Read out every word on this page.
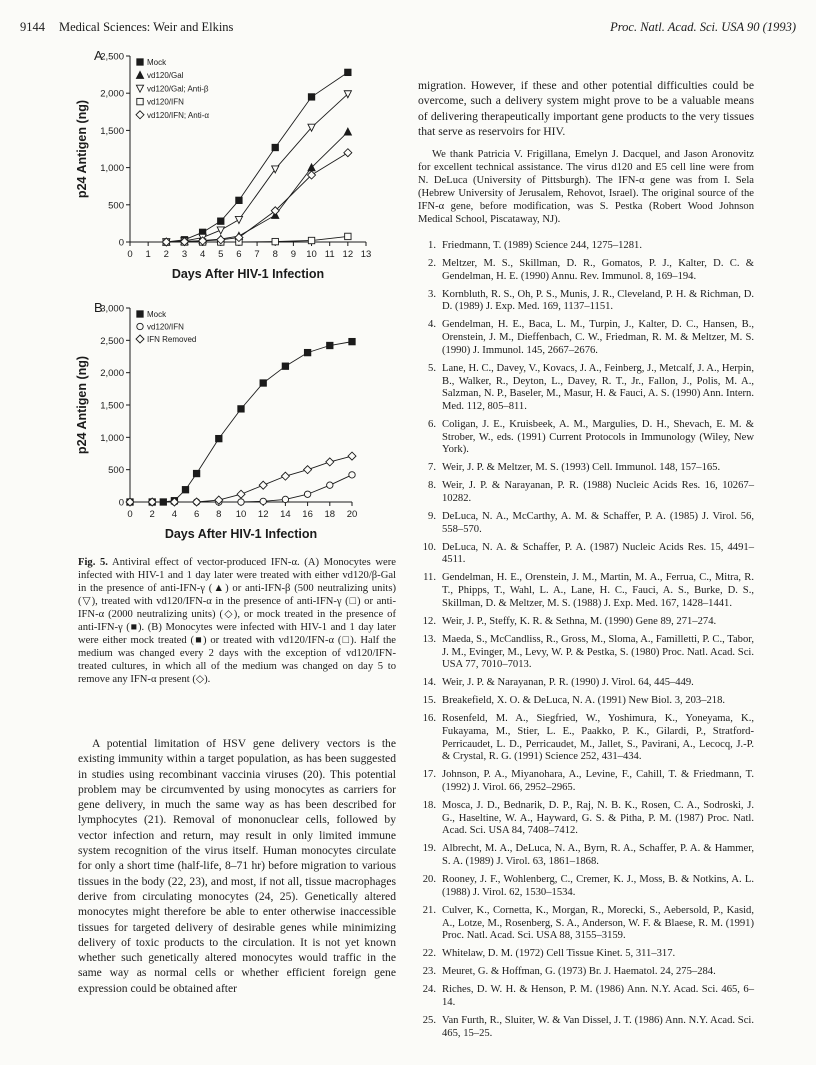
9144 Medical Sciences: Weir and Elkins	Proc. Natl. Acad. Sci. USA 90 (1993)
A
0
500
1,000
1,500
2,000
2,500
0 1 2 3 4 5 6 7 8 9 10 11 12 13
Days After HIV-1 Infection
p24 Antigen (ng)
Mock
vd120/Gal
vd120/Gal; Anti-β
vd120/IFN
vd120/IFN; Anti-α
B
0
500
1,000
1,500
2,000
2,500
3,000
0 2 4 6 8 10 12 14 16 18 20
Days After HIV-1 Infection
p24 Antigen (ng)
Mock
vd120/IFN
IFN Removed
Fig. 5. Antiviral effect of vector-produced IFN-α. (A) Monocytes were infected with HIV-1 and 1 day later were treated with either vd120/β-Gal in the presence of anti-IFN-γ (▲) or anti-IFN-β (500 neutralizing units) (▽), treated with vd120/IFN-α in the presence of anti-IFN-γ (□) or anti-IFN-α (2000 neutralizing units) (◇), or mock treated in the presence of anti-IFN-γ (■). (B) Monocytes were infected with HIV-1 and 1 day later were either mock treated (■) or treated with vd120/IFN-α (□). Half the medium was changed every 2 days with the exception of vd120/IFN-treated cultures, in which all of the medium was changed on day 5 to remove any IFN-α present (◇).

A potential limitation of HSV gene delivery vectors is the existing immunity within a target population, as has been suggested in studies using recombinant vaccinia viruses (20). This potential problem may be circumvented by using monocytes as carriers for gene delivery, in much the same way as has been described for lymphocytes (21). Removal of mononuclear cells, followed by vector infection and return, may result in only limited immune system recognition of the virus itself. Human monocytes circulate for only a short time (half-life, 8–71 hr) before migration to various tissues in the body (22, 23), and most, if not all, tissue macrophages derive from circulating monocytes (24, 25). Genetically altered monocytes might therefore be able to enter otherwise inaccessible tissues for targeted delivery of desirable genes while minimizing delivery of toxic products to the circulation. It is not yet known whether such genetically altered monocytes would traffic in the same way as normal cells or whether efficient foreign gene expression could be obtained after

migration. However, if these and other potential difficulties could be overcome, such a delivery system might prove to be a valuable means of delivering therapeutically important gene products to the very tissues that serve as reservoirs for HIV.

We thank Patricia V. Frigillana, Emelyn J. Dacquel, and Jason Aronovitz for excellent technical assistance. The virus d120 and E5 cell line were from N. DeLuca (University of Pittsburgh). The IFN-α gene was from I. Sela (Hebrew University of Jerusalem, Rehovot, Israel). The original source of the IFN-α gene, before modification, was S. Pestka (Robert Wood Johnson Medical School, Piscataway, NJ).

1. Friedmann, T. (1989) Science 244, 1275–1281.
2. Meltzer, M. S., Skillman, D. R., Gomatos, P. J., Kalter, D. C. & Gendelman, H. E. (1990) Annu. Rev. Immunol. 8, 169–194.
3. Kornbluth, R. S., Oh, P. S., Munis, J. R., Cleveland, P. H. & Richman, D. D. (1989) J. Exp. Med. 169, 1137–1151.
4. Gendelman, H. E., Baca, L. M., Turpin, J., Kalter, D. C., Hansen, B., Orenstein, J. M., Dieffenbach, C. W., Friedman, R. M. & Meltzer, M. S. (1990) J. Immunol. 145, 2667–2676.
5. Lane, H. C., Davey, V., Kovacs, J. A., Feinberg, J., Metcalf, J. A., Herpin, B., Walker, R., Deyton, L., Davey, R. T., Jr., Fallon, J., Polis, M. A., Salzman, N. P., Baseler, M., Masur, H. & Fauci, A. S. (1990) Ann. Intern. Med. 112, 805–811.
6. Coligan, J. E., Kruisbeek, A. M., Margulies, D. H., Shevach, E. M. & Strober, W., eds. (1991) Current Protocols in Immunology (Wiley, New York).
7. Weir, J. P. & Meltzer, M. S. (1993) Cell. Immunol. 148, 157–165.
8. Weir, J. P. & Narayanan, P. R. (1988) Nucleic Acids Res. 16, 10267–10282.
9. DeLuca, N. A., McCarthy, A. M. & Schaffer, P. A. (1985) J. Virol. 56, 558–570.
10. DeLuca, N. A. & Schaffer, P. A. (1987) Nucleic Acids Res. 15, 4491–4511.
11. Gendelman, H. E., Orenstein, J. M., Martin, M. A., Ferrua, C., Mitra, R. T., Phipps, T., Wahl, L. A., Lane, H. C., Fauci, A. S., Burke, D. S., Skillman, D. & Meltzer, M. S. (1988) J. Exp. Med. 167, 1428–1441.
12. Weir, J. P., Steffy, K. R. & Sethna, M. (1990) Gene 89, 271–274.
13. Maeda, S., McCandliss, R., Gross, M., Sloma, A., Familletti, P. C., Tabor, J. M., Evinger, M., Levy, W. P. & Pestka, S. (1980) Proc. Natl. Acad. Sci. USA 77, 7010–7013.
14. Weir, J. P. & Narayanan, P. R. (1990) J. Virol. 64, 445–449.
15. Breakefield, X. O. & DeLuca, N. A. (1991) New Biol. 3, 203–218.
16. Rosenfeld, M. A., Siegfried, W., Yoshimura, K., Yoneyama, K., Fukayama, M., Stier, L. E., Paakko, P. K., Gilardi, P., Stratford-Perricaudet, L. D., Perricaudet, M., Jallet, S., Pavirani, A., Lecocq, J.-P. & Crystal, R. G. (1991) Science 252, 431–434.
17. Johnson, P. A., Miyanohara, A., Levine, F., Cahill, T. & Friedmann, T. (1992) J. Virol. 66, 2952–2965.
18. Mosca, J. D., Bednarik, D. P., Raj, N. B. K., Rosen, C. A., Sodroski, J. G., Haseltine, W. A., Hayward, G. S. & Pitha, P. M. (1987) Proc. Natl. Acad. Sci. USA 84, 7408–7412.
19. Albrecht, M. A., DeLuca, N. A., Byrn, R. A., Schaffer, P. A. & Hammer, S. A. (1989) J. Virol. 63, 1861–1868.
20. Rooney, J. F., Wohlenberg, C., Cremer, K. J., Moss, B. & Notkins, A. L. (1988) J. Virol. 62, 1530–1534.
21. Culver, K., Cornetta, K., Morgan, R., Morecki, S., Aebersold, P., Kasid, A., Lotze, M., Rosenberg, S. A., Anderson, W. F. & Blaese, R. M. (1991) Proc. Natl. Acad. Sci. USA 88, 3155–3159.
22. Whitelaw, D. M. (1972) Cell Tissue Kinet. 5, 311–317.
23. Meuret, G. & Hoffman, G. (1973) Br. J. Haematol. 24, 275–284.
24. Riches, D. W. H. & Henson, P. M. (1986) Ann. N.Y. Acad. Sci. 465, 6–14.
25. Van Furth, R., Sluiter, W. & Van Dissel, J. T. (1986) Ann. N.Y. Acad. Sci. 465, 15–25.
